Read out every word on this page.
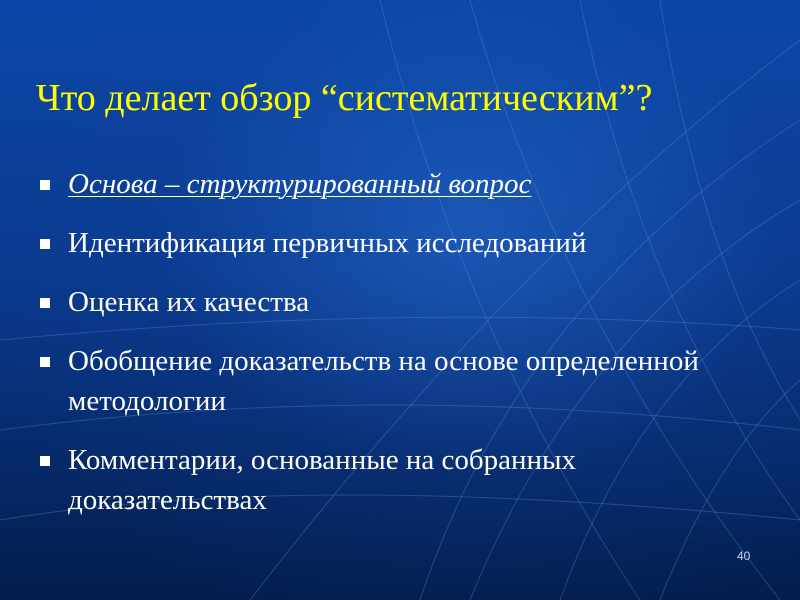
Что делает обзор “систематическим”?
Основа – структурированный вопрос
Идентификация первичных исследований
Оценка их качества
Обобщение доказательств на основе определенной методологии
Комментарии, основанные на собранных доказательствах
40
